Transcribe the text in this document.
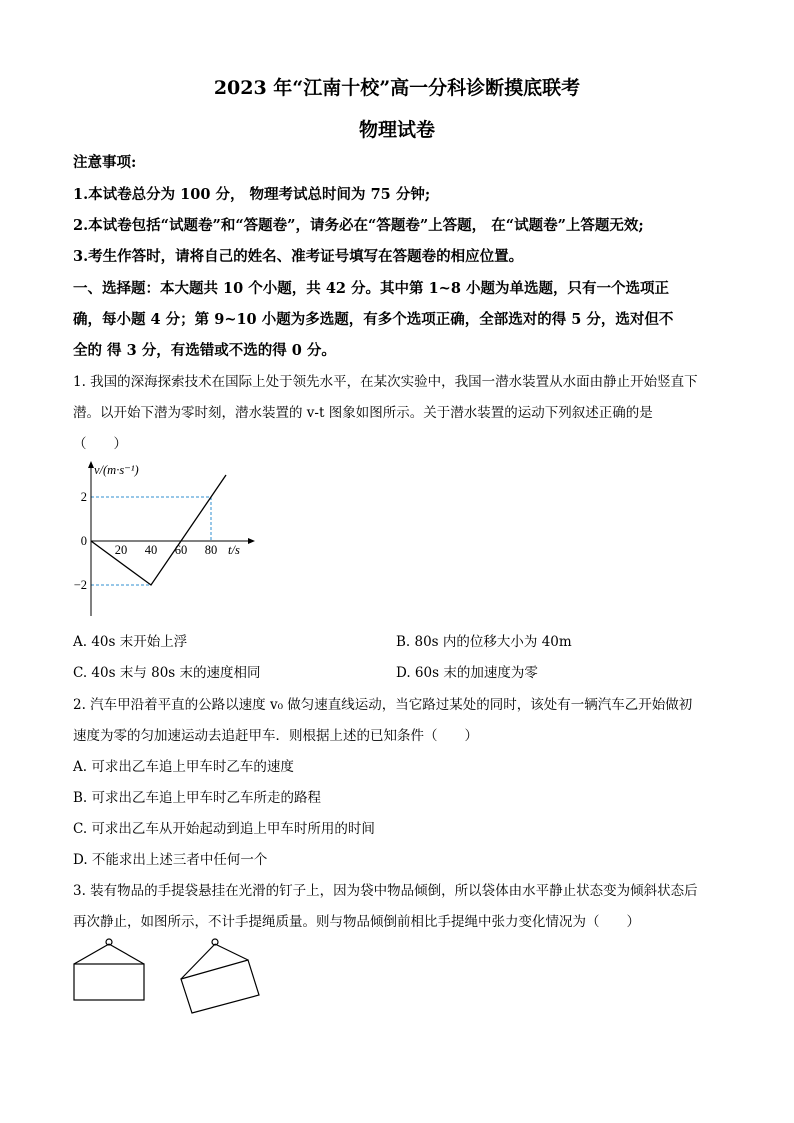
2023 年“江南十校”高一分科诊断摸底联考
物理试卷
注意事项:
1.本试卷总分为 100 分， 物理考试总时间为 75 分钟;
2.本试卷包括“试题卷”和“答题卷”，请务必在“答题卷”上答题， 在“试题卷”上答题无效;
3.考生作答时，请将自己的姓名、准考证号填写在答题卷的相应位置。
一、选择题：本大题共 10 个小题，共 42 分。其中第 1~8 小题为单选题，只有一个选项正
确，每小题 4 分；第 9~10 小题为多选题，有多个选项正确，全部选对的得 5 分，选对但不
全的 得 3 分，有选错或不选的得 0 分。
1. 我国的深海探索技术在国际上处于领先水平，在某次实验中，我国一潜水装置从水面由静止开始竖直下
潜。以开始下潜为零时刻，潜水装置的 v-t 图象如图所示。关于潜水装置的运动下列叙述正确的是
（　　）
20 40 60 80
2
0
−2
v/(m·s⁻¹)
t/s
A. 40s 末开始上浮	B. 80s 内的位移大小为 40m
C. 40s 末与 80s 末的速度相同	D. 60s 末的加速度为零
2. 汽车甲沿着平直的公路以速度 v₀ 做匀速直线运动，当它路过某处的同时，该处有一辆汽车乙开始做初
速度为零的匀加速运动去追赶甲车．则根据上述的已知条件（　　）
A. 可求出乙车追上甲车时乙车的速度
B. 可求出乙车追上甲车时乙车所走的路程
C. 可求出乙车从开始起动到追上甲车时所用的时间
D. 不能求出上述三者中任何一个
3. 装有物品的手提袋悬挂在光滑的钉子上，因为袋中物品倾倒，所以袋体由水平静止状态变为倾斜状态后
再次静止，如图所示，不计手提绳质量。则与物品倾倒前相比手提绳中张力变化情况为（　　）
